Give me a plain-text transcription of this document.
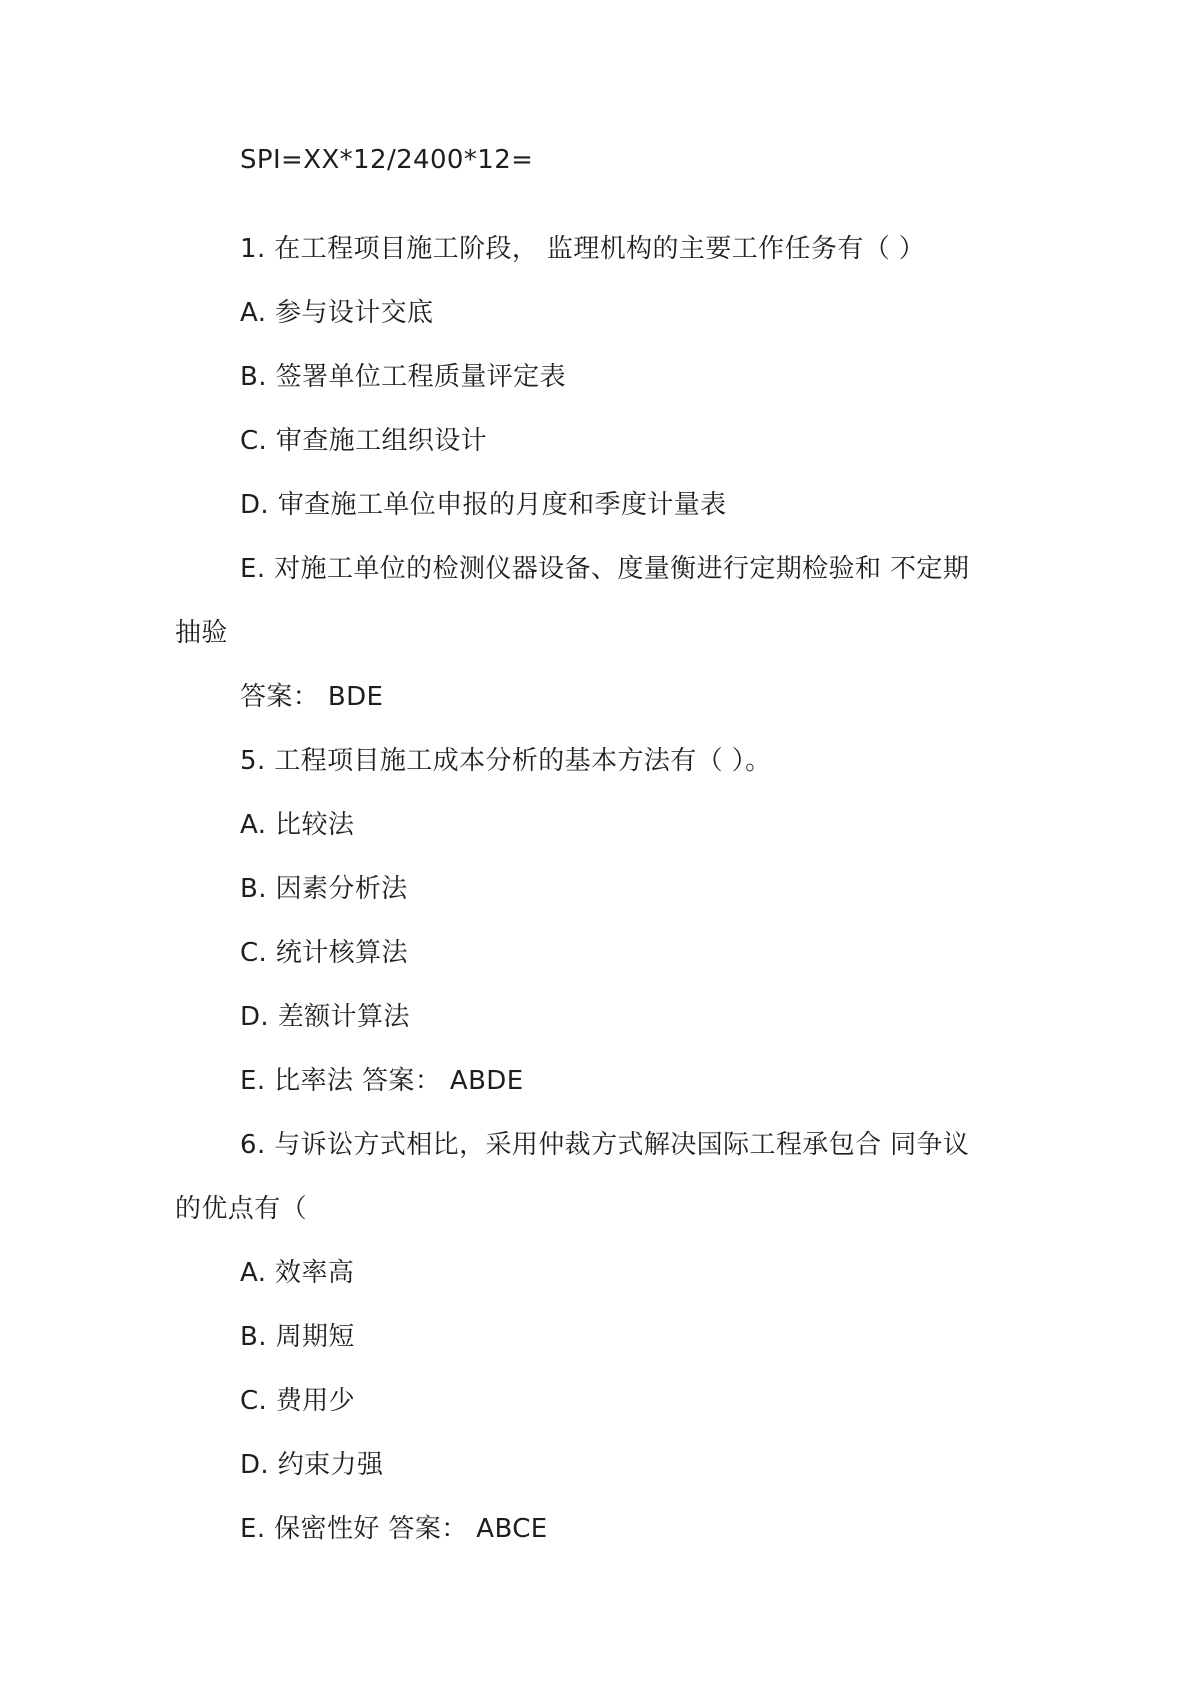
SPI=XX*12/2400*12=
1. 在工程项目施工阶段， 监理机构的主要工作任务有（ ）
A. 参与设计交底
B. 签署单位工程质量评定表
C. 审查施工组织设计
D. 审查施工单位申报的月度和季度计量表
E. 对施工单位的检测仪器设备、度量衡进行定期检验和 不定期
抽验
答案： BDE
5. 工程项目施工成本分析的基本方法有（ ）。
A. 比较法
B. 因素分析法
C. 统计核算法
D. 差额计算法
E. 比率法 答案： ABDE
6. 与诉讼方式相比，采用仲裁方式解决国际工程承包合 同争议
的优点有（
A. 效率高
B. 周期短
C. 费用少
D. 约束力强
E. 保密性好 答案： ABCE
